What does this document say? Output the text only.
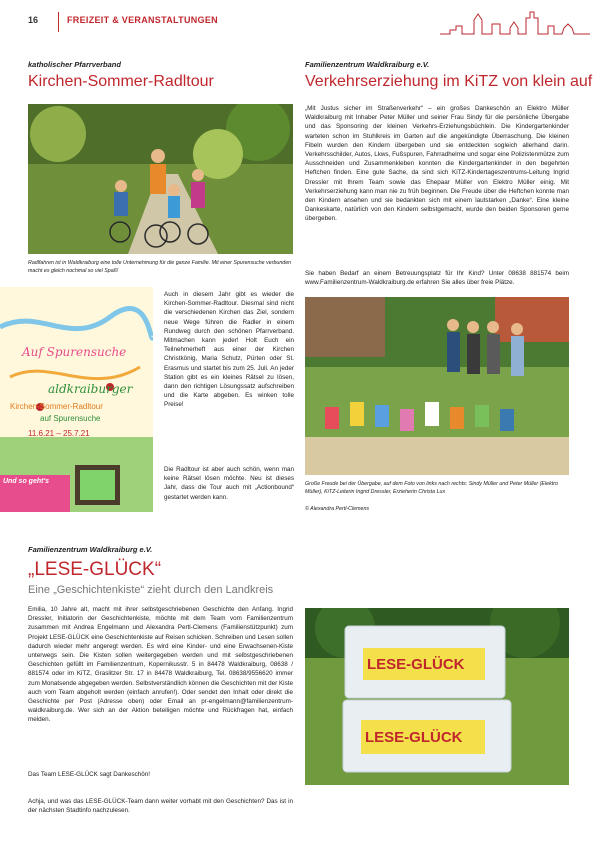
16	FREIZEIT & VERANSTALTUNGEN
katholischer Pfarrverband
Kirchen-Sommer-Radltour
Radlfahren ist in Waldkraiburg eine tolle Unternehmung für die ganze Familie. Mit einer Spurensuche verbunden macht es gleich nochmal so viel Spaß!
Auf Spurensuche
aldkraiburger
Kirchen-Sommer-Radltour
auf Spurensuche
11.6.21 – 25.7.21
Und so geht's
Auch in diesem Jahr gibt es wieder die Kirchen-Sommer-Radltour. Diesmal sind nicht die verschiedenen Kirchen das Ziel, sondern neue Wege führen die Radler in einem Rundweg durch den schönen Pfarrverband. Mitmachen kann jeder! Holt Euch ein Teilnehmerheft aus einer der Kirchen Christkönig, Maria Schutz, Pürten oder St. Erasmus und startet bis zum 25. Juli. An jeder Station gibt es ein kleines Rätsel zu lösen, dann den richtigen Lösungssatz aufschreiben und die Karte abgeben. Es winken tolle Preise!
Die Radltour ist aber auch schön, wenn man keine Rätsel lösen möchte. Neu ist dieses Jahr, dass die Tour auch mit „Actionbound“ gestartet werden kann.
Familienzentrum Waldkraiburg e.V.
Verkehrserziehung im KiTZ von klein auf
„Mit Justus sicher im Straßenverkehr“ – ein großes Dankeschön an Elektro Müller Waldkraiburg mit Inhaber Peter Müller und seiner Frau Sindy für die persönliche Übergabe und das Sponsoring der kleinen Verkehrs-Erziehungsbüchlein. Die Kindergartenkinder warteten schon im Stuhlkreis im Garten auf die angekündigte Überraschung. Die kleinen Fibeln wurden den Kindern übergeben und sie entdeckten sogleich allerhand darin. Verkehrsschilder, Autos, Lkws, Fußspuren, Fahrradhelme und sogar eine Polizistenmütze zum Ausschneiden und Zusammenkleben konnten die Kindergartenkinder in den begehrten Heftchen finden. Eine gute Sache, da sind sich KiTZ-Kindertageszentrums-Leitung Ingrid Dressler mit Ihrem Team sowie das Ehepaar Müller von Elektro Müller einig. Mit Verkehrserziehung kann man nie zu früh beginnen. Die Freude über die Heftchen konnte man den Kindern ansehen und sie bedankten sich mit einem lautstarken „Danke“. Eine kleine Dankeskarte, natürlich von den Kindern selbstgemacht, wurde den beiden Sponsoren gerne übergeben.
Sie haben Bedarf an einem Betreuungsplatz für Ihr Kind? Unter 08638 881574 beim www.Familienzentrum-Waldkraiburg.de erfahren Sie alles über freie Plätze.
Große Freude bei der Übergabe, auf dem Foto von links nach rechts: Sindy Müller und Peter Müller (Elektro Müller), KiTZ-Leiterin Ingrid Dressler, Erzieherin Christa Lux
© Alexandra Pertl-Clemens
Familienzentrum Waldkraiburg e.V.
„LESE-GLÜCK“
Eine „Geschichtenkiste“ zieht durch den Landkreis
Emilia, 10 Jahre alt, macht mit ihrer selbstgeschriebenen Geschichte den Anfang. Ingrid Dressler, Initiatorin der Geschichtenkiste, möchte mit dem Team vom Familienzentrum zusammen mit Andrea Engelmann und Alexandra Pertl-Clemens (Familienstützpunkt) zum Projekt LESE-GLÜCK eine Geschichtenkiste auf Reisen schicken. Schreiben und Lesen sollen dadurch wieder mehr angeregt werden. Es wird eine Kinder- und eine Erwachsenen-Kiste unterwegs sein. Die Kisten sollen weitergegeben werden und mit selbstgeschriebenen Geschichten gefüllt im Familienzentrum, Kopernikusstr. 5 in 84478 Waldkraiburg, 08638 / 881574 oder im KiTZ, Graslitzer Str. 17 in 84478 Waldkraiburg, Tel. 08638/9556620 immer zum Monatsende abgegeben werden. Selbstverständlich können die Geschichten mit der Kiste auch vom Team abgeholt werden (einfach anrufen!). Oder sendet den Inhalt oder direkt die Geschichte per Post (Adresse oben) oder Email an pr-engelmann@familienzentrum-waldkraiburg.de. Wer sich an der Aktion beteiligen möchte und Rückfragen hat, einfach melden.
Das Team LESE-GLÜCK sagt Dankeschön!
Achja, und was das LESE-GLÜCK-Team dann weiter vorhabt mit den Geschichten? Das ist in der nächsten Stadtinfo nachzulesen.
LESE-GLÜCK
LESE-GLÜCK
